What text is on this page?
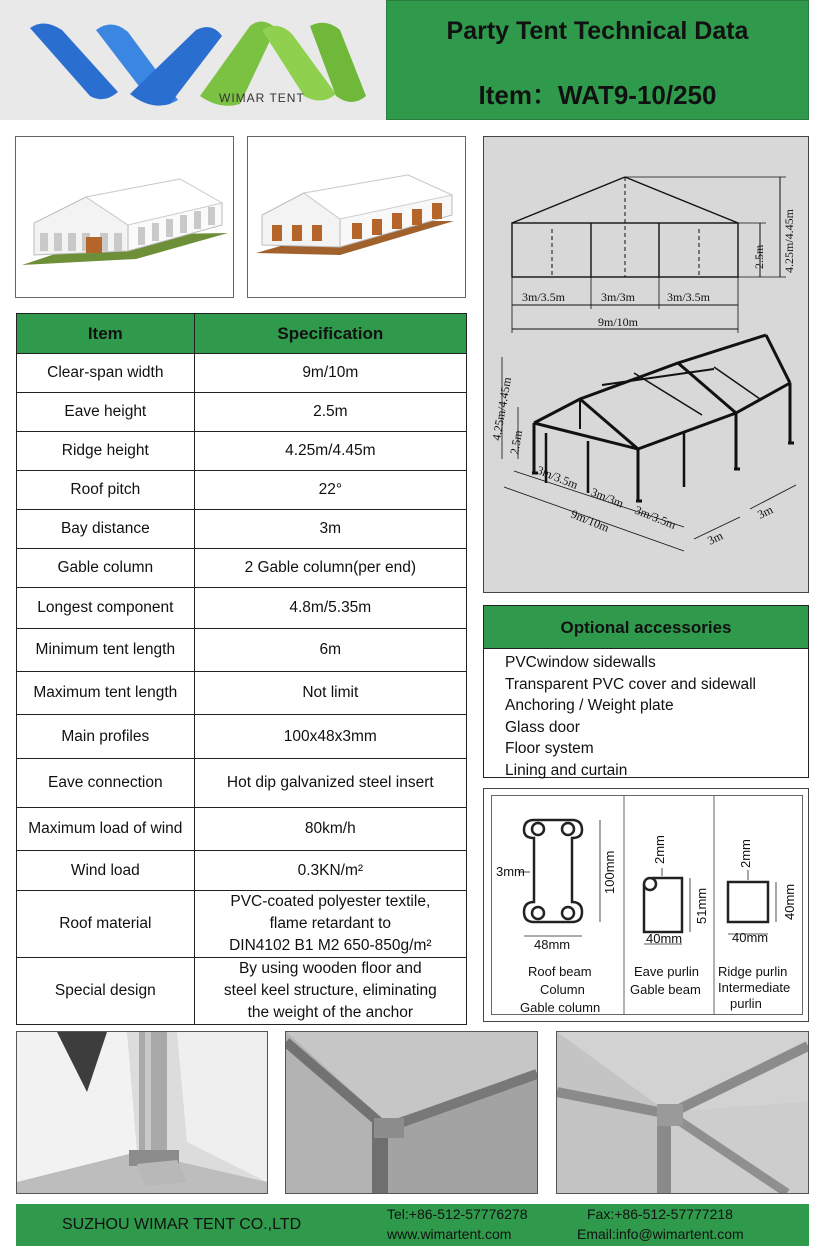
WIMAR TENT
Party Tent Technical Data
Item：WAT9-10/250
Item	Specification
Clear-span width	9m/10m
Eave height	2.5m
Ridge height	4.25m/4.45m
Roof pitch	22°
Bay distance	3m
Gable column	2 Gable column(per end)
Longest component	4.8m/5.35m
Minimum tent length	6m
Maximum tent length	Not limit
Main profiles	100x48x3mm
Eave connection	Hot dip galvanized steel insert
Maximum load of wind	80km/h
Wind load	0.3KN/m²
Roof material	PVC-coated polyester textile,
flame retardant to
DIN4102 B1 M2 650-850g/m²

Special design	By using wooden floor and
steel keel structure, eliminating
the weight of the anchor
2.5m 4.25m/4.45m
3m/3.5m	3m/3m	3m/3.5m
9m/10m
4.25m/4.45m
2.5m
3m/3.5m
3m/3m
3m/3.5m
9m/10m
3m
3m
Optional accessories
PVCwindow sidewalls
Transparent PVC cover and sidewall
Anchoring / Weight plate
Glass door
Floor system
Lining and curtain
3mm	100mm
48mm
Roof beam
Column
Gable column
2mm
51mm
40mm
Eave purlin
Gable beam
2mm
40mm
40mm
Ridge purlin
Intermediate
purlin
SUZHOU WIMAR TENT CO.,LTD
Tel:+86-512-57776278	Fax:+86-512-57777218
www.wimartent.com	Email:info@wimartent.com
